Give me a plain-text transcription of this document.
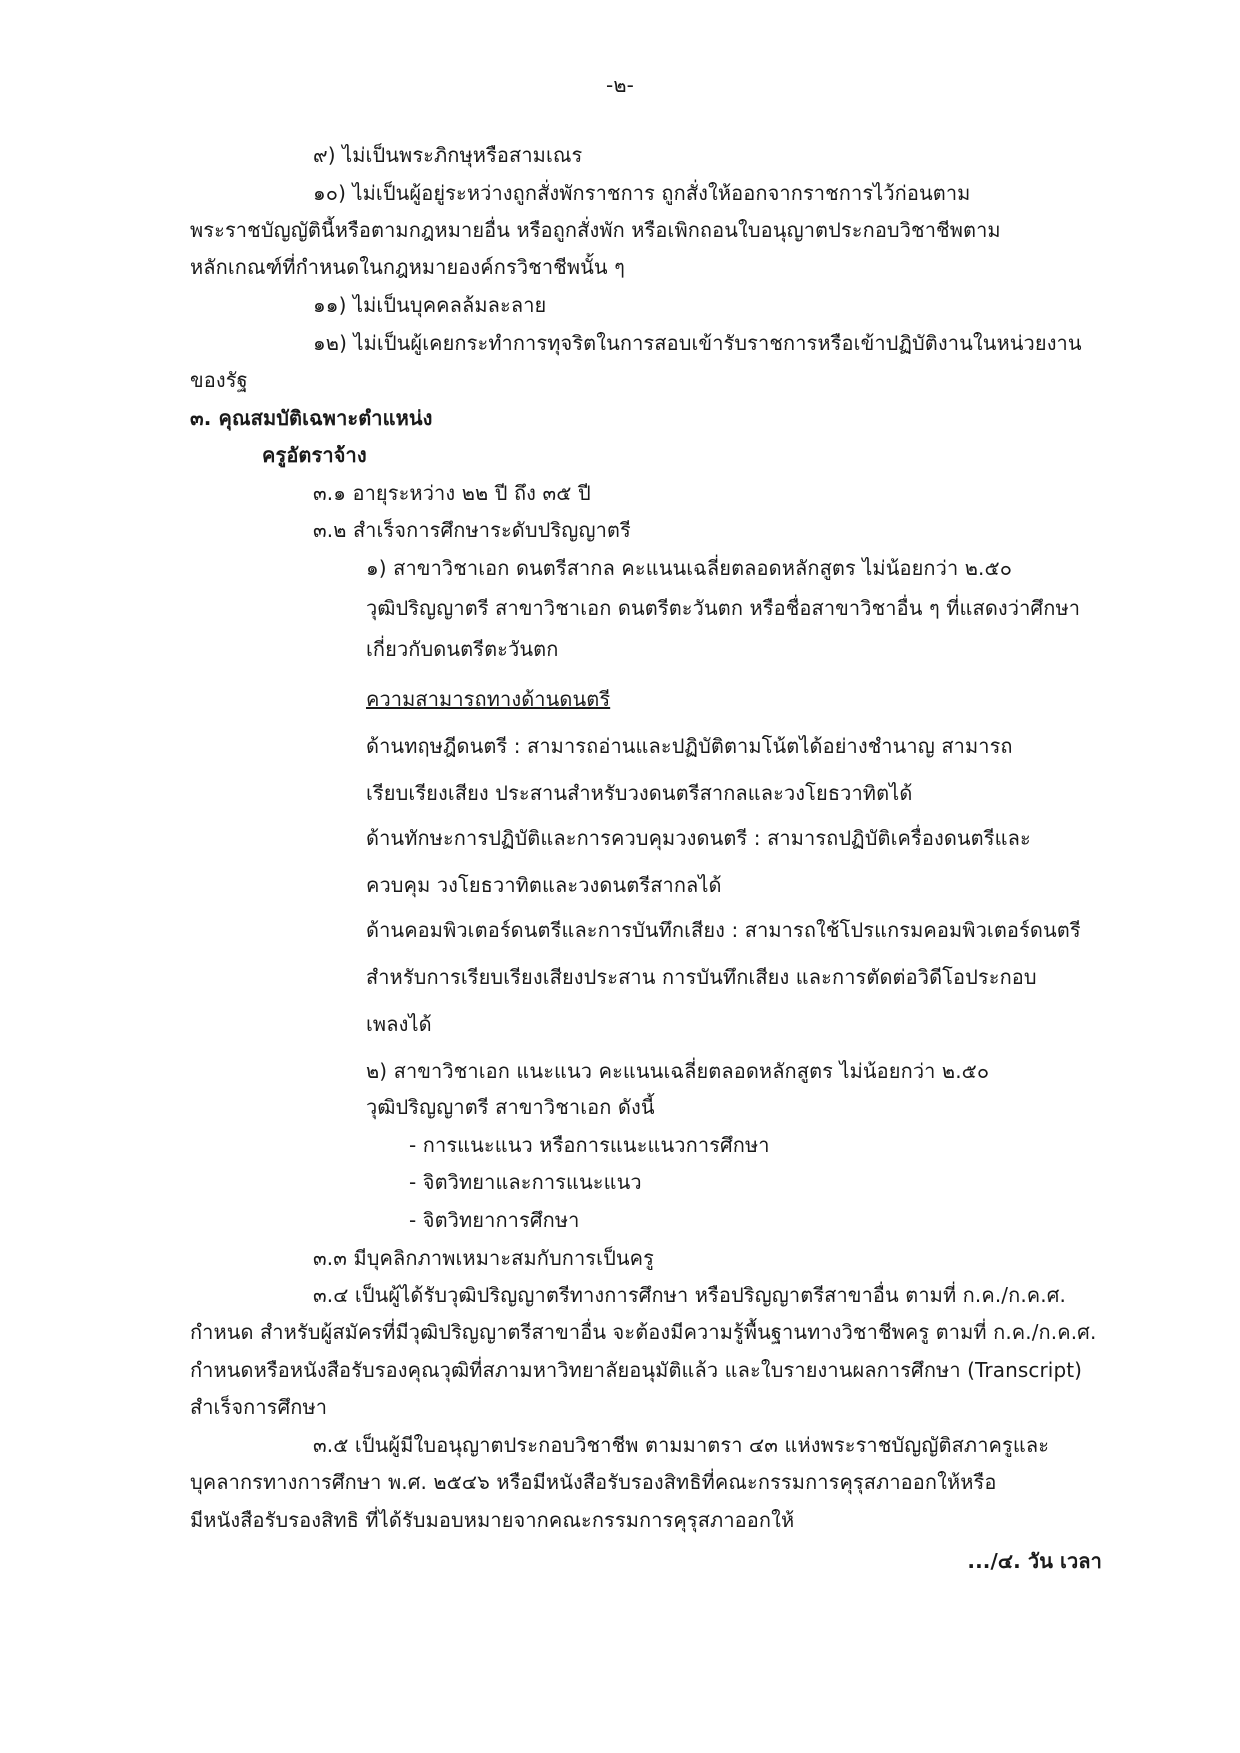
-๒-
๙) ไม่เป็นพระภิกษุหรือสามเณร
๑๐) ไม่เป็นผู้อยู่ระหว่างถูกสั่งพักราชการ ถูกสั่งให้ออกจากราชการไว้ก่อนตาม
พระราชบัญญัตินี้หรือตามกฎหมายอื่น หรือถูกสั่งพัก หรือเพิกถอนใบอนุญาตประกอบวิชาชีพตาม
หลักเกณฑ์ที่กำหนดในกฎหมายองค์กรวิชาชีพนั้น ๆ
๑๑) ไม่เป็นบุคคลล้มละลาย
๑๒) ไม่เป็นผู้เคยกระทำการทุจริตในการสอบเข้ารับราชการหรือเข้าปฏิบัติงานในหน่วยงาน
ของรัฐ
๓. คุณสมบัติเฉพาะตำแหน่ง
ครูอัตราจ้าง
๓.๑ อายุระหว่าง ๒๒ ปี ถึง ๓๕ ปี
๓.๒ สำเร็จการศึกษาระดับปริญญาตรี
๑) สาขาวิชาเอก ดนตรีสากล คะแนนเฉลี่ยตลอดหลักสูตร ไม่น้อยกว่า ๒.๕๐
วุฒิปริญญาตรี สาขาวิชาเอก ดนตรีตะวันตก หรือชื่อสาขาวิชาอื่น ๆ ที่แสดงว่าศึกษา
เกี่ยวกับดนตรีตะวันตก
ความสามารถทางด้านดนตรี
ด้านทฤษฎีดนตรี : สามารถอ่านและปฏิบัติตามโน้ตได้อย่างชำนาญ สามารถ
เรียบเรียงเสียง ประสานสำหรับวงดนตรีสากลและวงโยธวาทิตได้
ด้านทักษะการปฏิบัติและการควบคุมวงดนตรี : สามารถปฏิบัติเครื่องดนตรีและ
ควบคุม วงโยธวาทิตและวงดนตรีสากลได้
ด้านคอมพิวเตอร์ดนตรีและการบันทึกเสียง : สามารถใช้โปรแกรมคอมพิวเตอร์ดนตรี
สำหรับการเรียบเรียงเสียงประสาน การบันทึกเสียง และการตัดต่อวิดีโอประกอบ
เพลงได้
๒) สาขาวิชาเอก แนะแนว คะแนนเฉลี่ยตลอดหลักสูตร ไม่น้อยกว่า ๒.๕๐
วุฒิปริญญาตรี สาขาวิชาเอก ดังนี้
- การแนะแนว หรือการแนะแนวการศึกษา
- จิตวิทยาและการแนะแนว
- จิตวิทยาการศึกษา
๓.๓ มีบุคลิกภาพเหมาะสมกับการเป็นครู
๓.๔ เป็นผู้ได้รับวุฒิปริญญาตรีทางการศึกษา หรือปริญญาตรีสาขาอื่น ตามที่ ก.ค./ก.ค.ศ.
กำหนด สำหรับผู้สมัครที่มีวุฒิปริญญาตรีสาขาอื่น จะต้องมีความรู้พื้นฐานทางวิชาชีพครู ตามที่ ก.ค./ก.ค.ศ.
กำหนดหรือหนังสือรับรองคุณวุฒิที่สภามหาวิทยาลัยอนุมัติแล้ว และใบรายงานผลการศึกษา (Transcript)
สำเร็จการศึกษา
๓.๕ เป็นผู้มีใบอนุญาตประกอบวิชาชีพ ตามมาตรา ๔๓ แห่งพระราชบัญญัติสภาครูและ
บุคลากรทางการศึกษา พ.ศ. ๒๕๔๖ หรือมีหนังสือรับรองสิทธิที่คณะกรรมการคุรุสภาออกให้หรือ
มีหนังสือรับรองสิทธิ ที่ได้รับมอบหมายจากคณะกรรมการคุรุสภาออกให้
.../๔. วัน เวลา
